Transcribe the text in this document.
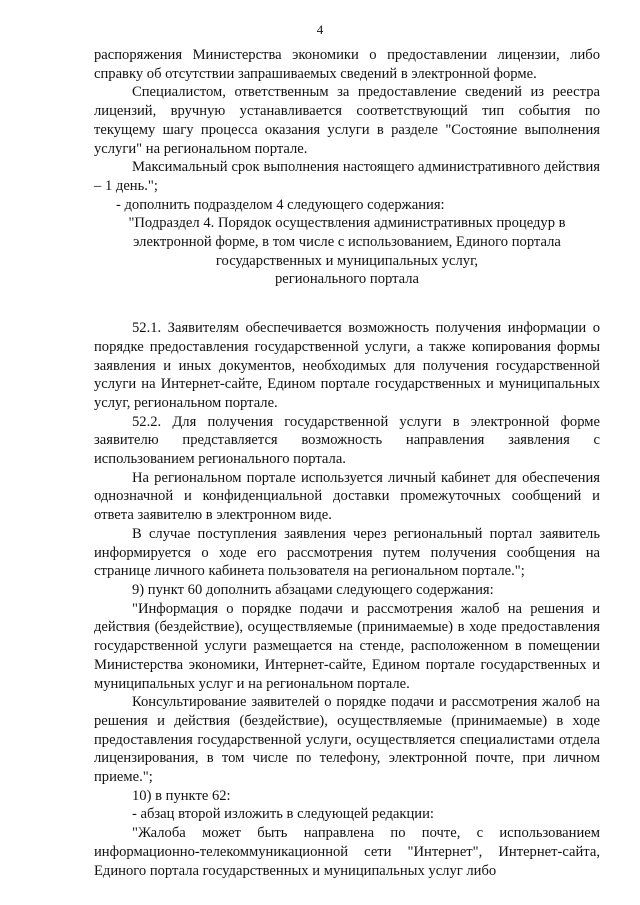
4

распоряжения Министерства экономики о предоставлении лицензии, либо справку об отсутствии запрашиваемых сведений в электронной форме.

Специалистом, ответственным за предоставление сведений из реестра лицензий, вручную устанавливается соответствующий тип события по текущему шагу процесса оказания услуги в разделе "Состояние выполнения услуги" на региональном портале.

Максимальный срок выполнения настоящего административного действия – 1 день.";

- дополнить подразделом 4 следующего содержания:

"Подраздел 4. Порядок осуществления административных процедур в
электронной форме, в том числе с использованием, Единого портала
государственных и муниципальных услуг,
регионального портала

52.1. Заявителям обеспечивается возможность получения информации о порядке предоставления государственной услуги, а также копирования формы заявления и иных документов, необходимых для получения государственной услуги на Интернет-сайте, Едином портале государственных и муниципальных услуг, региональном портале.

52.2. Для получения государственной услуги в электронной форме заявителю представляется возможность направления заявления с использованием регионального портала.

На региональном портале используется личный кабинет для обеспечения однозначной и конфиденциальной доставки промежуточных сообщений и ответа заявителю в электронном виде.

В случае поступления заявления через региональный портал заявитель информируется о ходе его рассмотрения путем получения сообщения на странице личного кабинета пользователя на региональном портале.";

9) пункт 60 дополнить абзацами следующего содержания:

"Информация о порядке подачи и рассмотрения жалоб на решения и действия (бездействие), осуществляемые (принимаемые) в ходе предоставления государственной услуги размещается на стенде, расположенном в помещении Министерства экономики, Интернет-сайте, Едином портале государственных и муниципальных услуг и на региональном портале.

Консультирование заявителей о порядке подачи и рассмотрения жалоб на решения и действия (бездействие), осуществляемые (принимаемые) в ходе предоставления государственной услуги, осуществляется специалистами отдела лицензирования, в том числе по телефону, электронной почте, при личном приеме.";

10) в пункте 62:

- абзац второй изложить в следующей редакции:

"Жалоба может быть направлена по почте, с использованием информационно-телекоммуникационной сети "Интернет", Интернет-сайта, Единого портала государственных и муниципальных услуг либо
